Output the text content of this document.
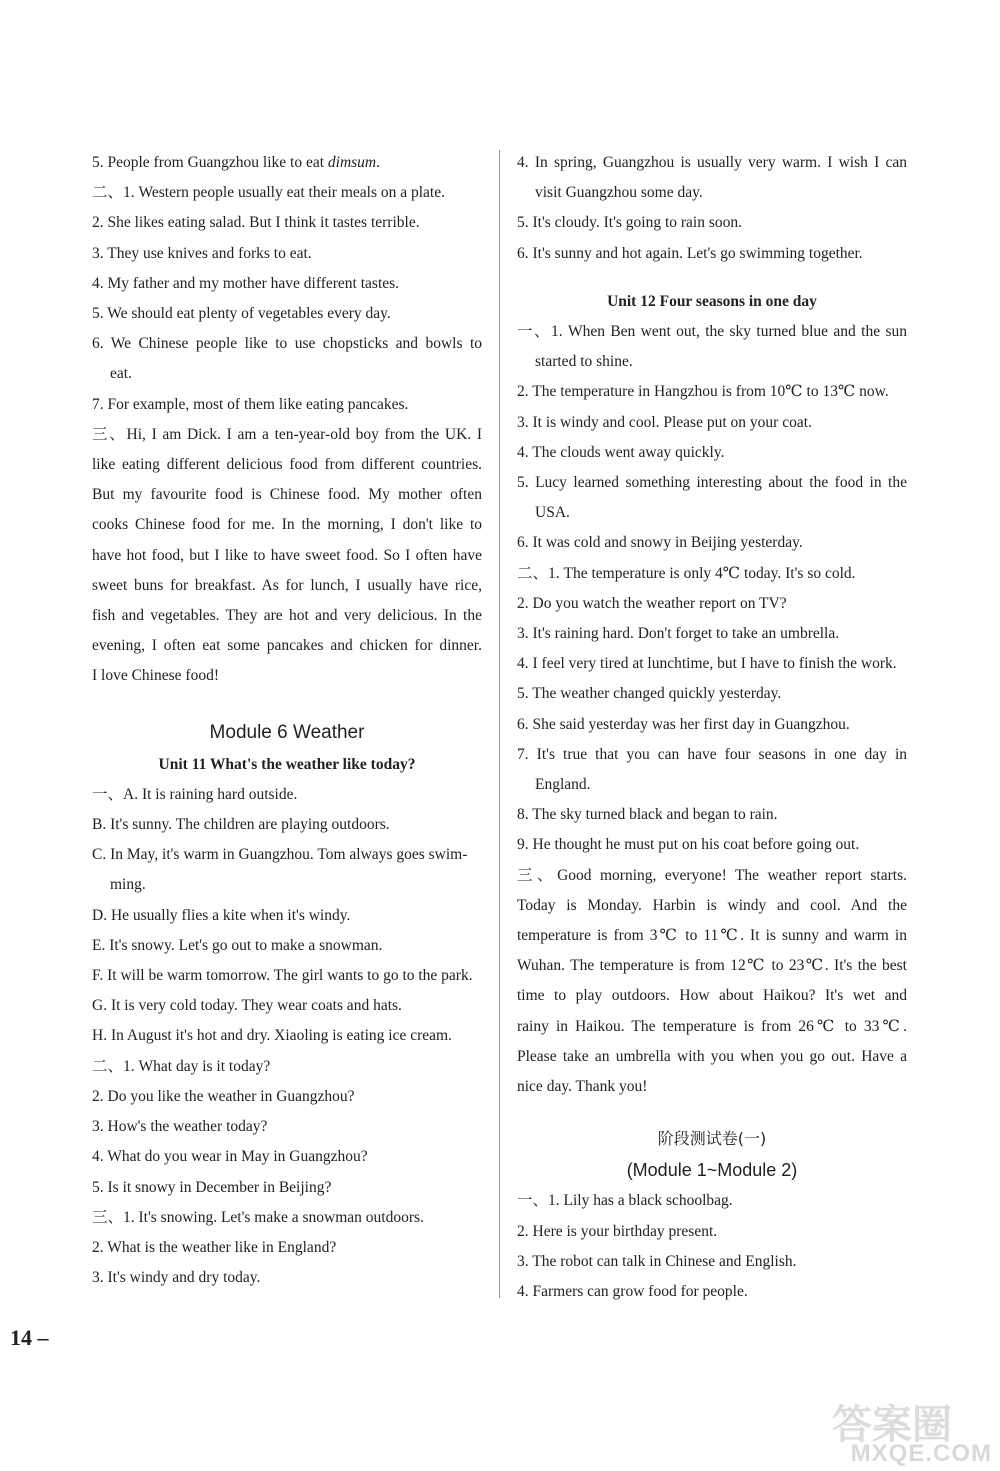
5. People from Guangzhou like to eat dimsum.
二、1. Western people usually eat their meals on a plate.
2. She likes eating salad. But I think it tastes terrible.
3. They use knives and forks to eat.
4. My father and my mother have different tastes.
5. We should eat plenty of vegetables every day.
6. We Chinese people like to use chopsticks and bowls to
eat.
7. For example, most of them like eating pancakes.
三、Hi, I am Dick. I am a ten-year-old boy from the UK. I
like eating different delicious food from different countries.
But my favourite food is Chinese food. My mother often
cooks Chinese food for me. In the morning, I don't like to
have hot food, but I like to have sweet food. So I often have
sweet buns for breakfast. As for lunch, I usually have rice,
fish and vegetables. They are hot and very delicious. In the
evening, I often eat some pancakes and chicken for dinner.
I love Chinese food!
Module 6 Weather
Unit 11 What's the weather like today?
一、A. It is raining hard outside.
B. It's sunny. The children are playing outdoors.
C. In May, it's warm in Guangzhou. Tom always goes swim-
ming.
D. He usually flies a kite when it's windy.
E. It's snowy. Let's go out to make a snowman.
F. It will be warm tomorrow. The girl wants to go to the park.
G. It is very cold today. They wear coats and hats.
H. In August it's hot and dry. Xiaoling is eating ice cream.
二、1. What day is it today?
2. Do you like the weather in Guangzhou?
3. How's the weather today?
4. What do you wear in May in Guangzhou?
5. Is it snowy in December in Beijing?
三、1. It's snowing. Let's make a snowman outdoors.
2. What is the weather like in England?
3. It's windy and dry today.
4. In spring, Guangzhou is usually very warm. I wish I can
visit Guangzhou some day.
5. It's cloudy. It's going to rain soon.
6. It's sunny and hot again. Let's go swimming together.
Unit 12 Four seasons in one day
一、1. When Ben went out, the sky turned blue and the sun
started to shine.
2. The temperature in Hangzhou is from 10℃ to 13℃ now.
3. It is windy and cool. Please put on your coat.
4. The clouds went away quickly.
5. Lucy learned something interesting about the food in the
USA.
6. It was cold and snowy in Beijing yesterday.
二、1. The temperature is only 4℃ today. It's so cold.
2. Do you watch the weather report on TV?
3. It's raining hard. Don't forget to take an umbrella.
4. I feel very tired at lunchtime, but I have to finish the work.
5. The weather changed quickly yesterday.
6. She said yesterday was her first day in Guangzhou.
7. It's true that you can have four seasons in one day in
England.
8. The sky turned black and began to rain.
9. He thought he must put on his coat before going out.
三、Good morning, everyone! The weather report starts.
Today is Monday. Harbin is windy and cool. And the
temperature is from 3℃ to 11℃. It is sunny and warm in
Wuhan. The temperature is from 12℃ to 23℃. It's the best
time to play outdoors. How about Haikou? It's wet and
rainy in Haikou. The temperature is from 26℃ to 33℃.
Please take an umbrella with you when you go out. Have a
nice day. Thank you!
阶段测试卷(一)
(Module 1~Module 2)
一、1. Lily has a black schoolbag.
2. Here is your birthday present.
3. The robot can talk in Chinese and English.
4. Farmers can grow food for people.
14 –
答案圈
MXQE.COM
